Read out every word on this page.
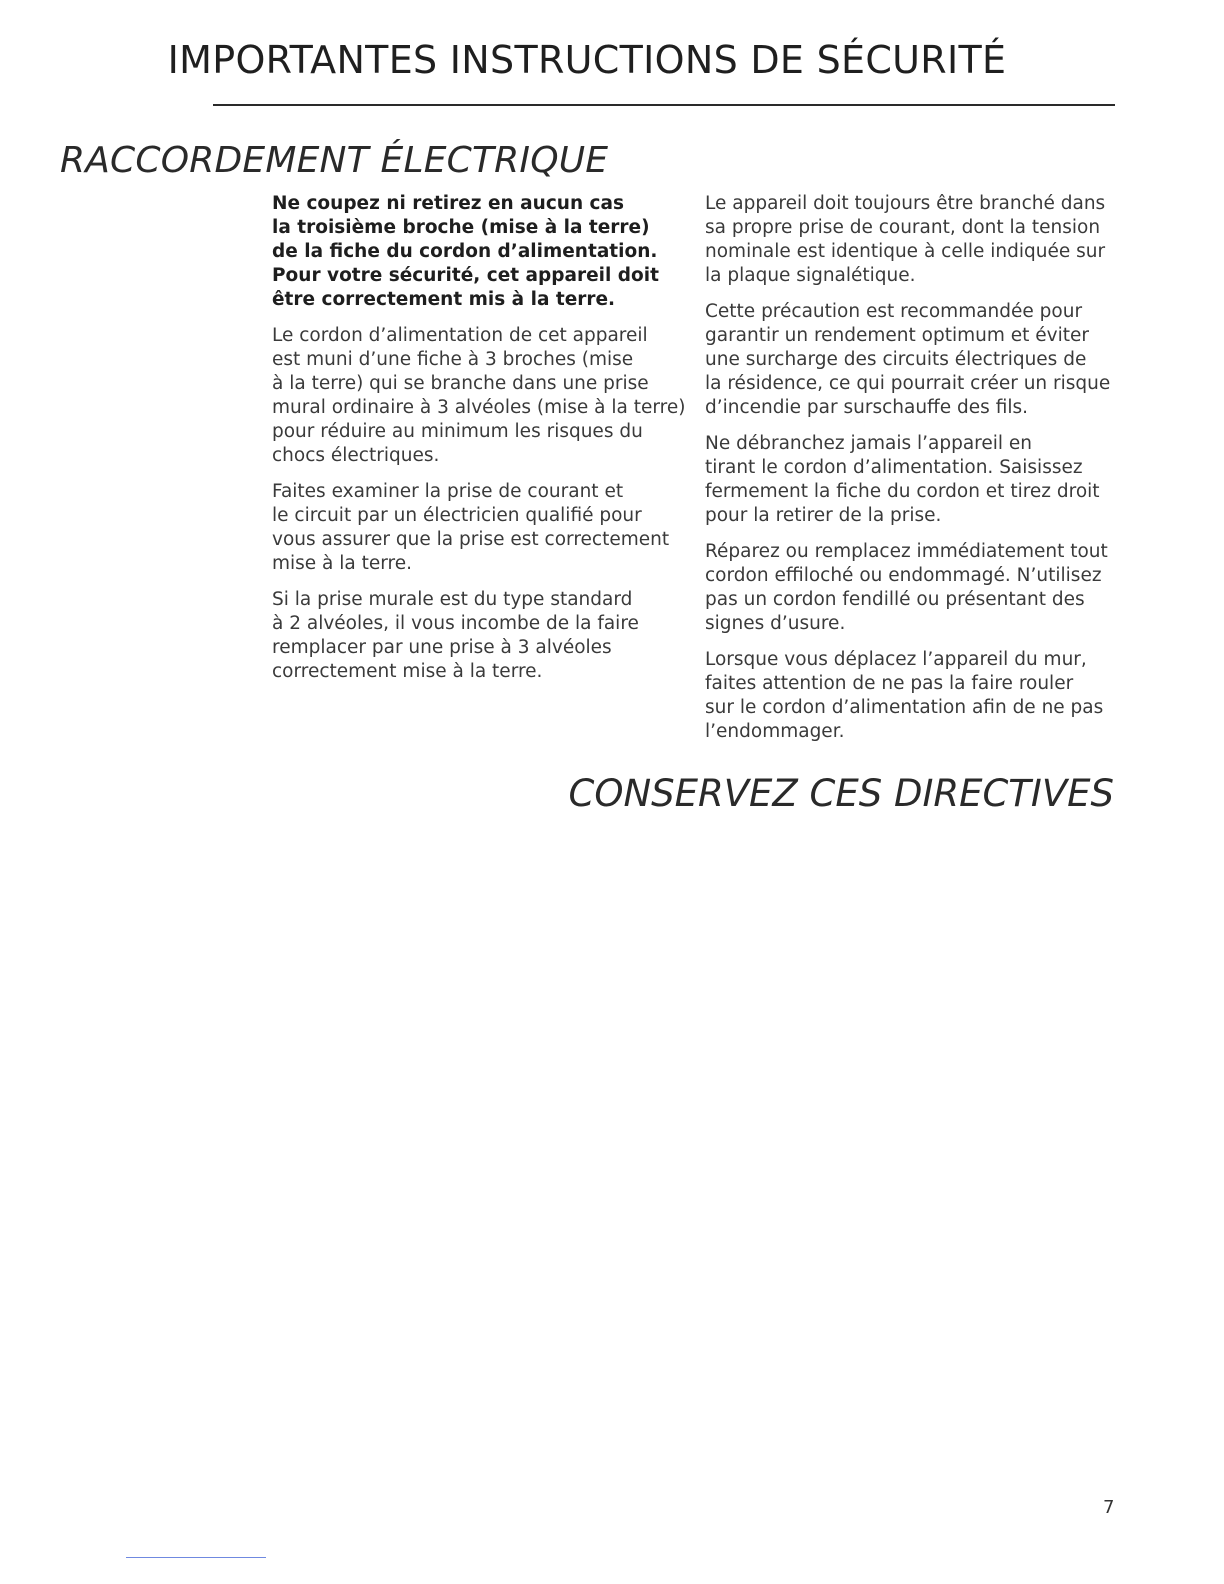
IMPORTANTES INSTRUCTIONS DE SÉCURITÉ
RACCORDEMENT ÉLECTRIQUE

Ne coupez ni retirez en aucun cas
la troisième broche (mise à la terre)
de la fiche du cordon d’alimentation.
Pour votre sécurité, cet appareil doit
être correctement mis à la terre.

Le cordon d’alimentation de cet appareil
est muni d’une fiche à 3 broches (mise
à la terre) qui se branche dans une prise
mural ordinaire à 3 alvéoles (mise à la terre)
pour réduire au minimum les risques du
chocs électriques.

Faites examiner la prise de courant et
le circuit par un électricien qualifié pour
vous assurer que la prise est correctement
mise à la terre.

Si la prise murale est du type standard
à 2 alvéoles, il vous incombe de la faire
remplacer par une prise à 3 alvéoles
correctement mise à la terre.

Le appareil doit toujours être branché dans
sa propre prise de courant, dont la tension
nominale est identique à celle indiquée sur
la plaque signalétique.

Cette précaution est recommandée pour
garantir un rendement optimum et éviter
une surcharge des circuits électriques de
la résidence, ce qui pourrait créer un risque
d’incendie par surschauffe des fils.

Ne débranchez jamais l’appareil en
tirant le cordon d’alimentation. Saisissez
fermement la fiche du cordon et tirez droit
pour la retirer de la prise.

Réparez ou remplacez immédiatement tout
cordon effiloché ou endommagé. N’utilisez
pas un cordon fendillé ou présentant des
signes d’usure.

Lorsque vous déplacez l’appareil du mur,
faites attention de ne pas la faire rouler
sur le cordon d’alimentation afin de ne pas
l’endommager.

CONSERVEZ CES DIRECTIVES
7
